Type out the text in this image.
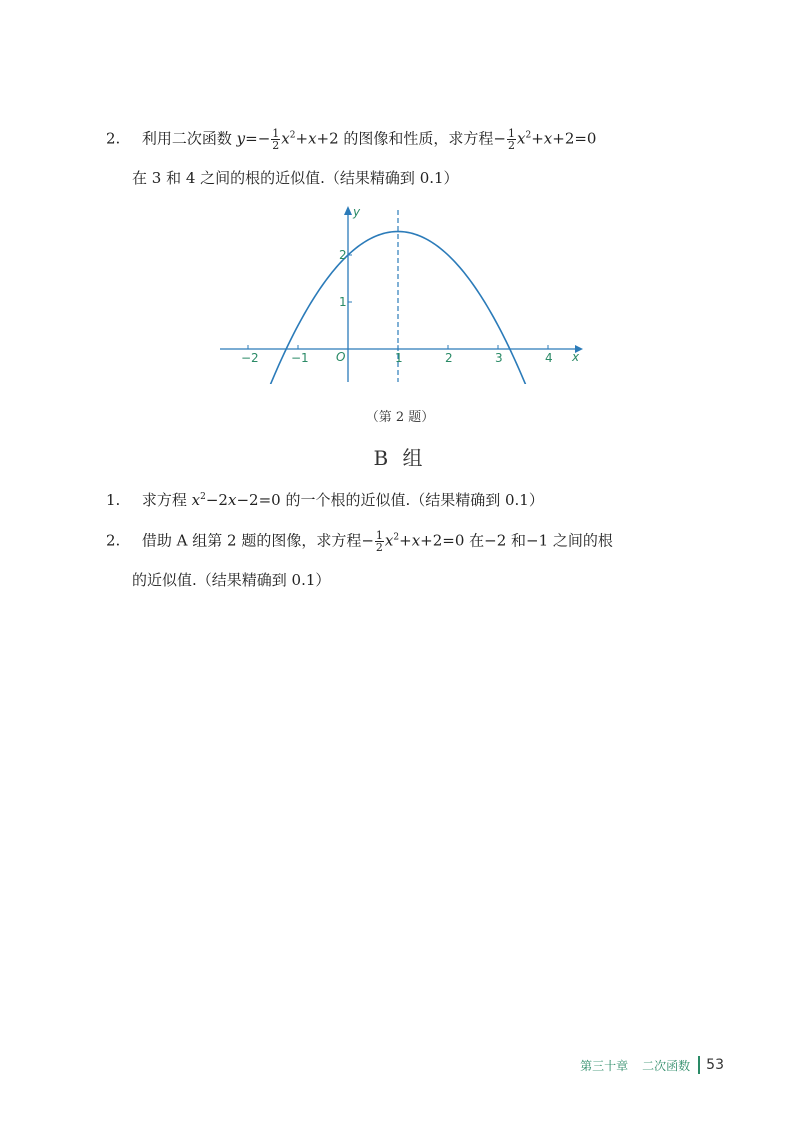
2. 利用二次函数 $y=- \frac{1}{2} x^2+x+2$ 的图像和性质，求方程− $\frac{1}{2} x^2+x+2=0$
在 3 和 4 之间的根的近似值.（结果精确到 0.1）
−2	−1	1	2	3	4
1
2
x
y
O
（第 2 题）
B 组
1. 求方程 $x^2-2x-2=0$ 的一个根的近似值.（结果精确到 0.1）
2. 借助 A 组第 2 题的图像，求方程− $\frac{1}{2} x^2+x+2=0$ 在−2 和−1 之间的根
的近似值.（结果精确到 0.1）
第三十章 二次函数 53
